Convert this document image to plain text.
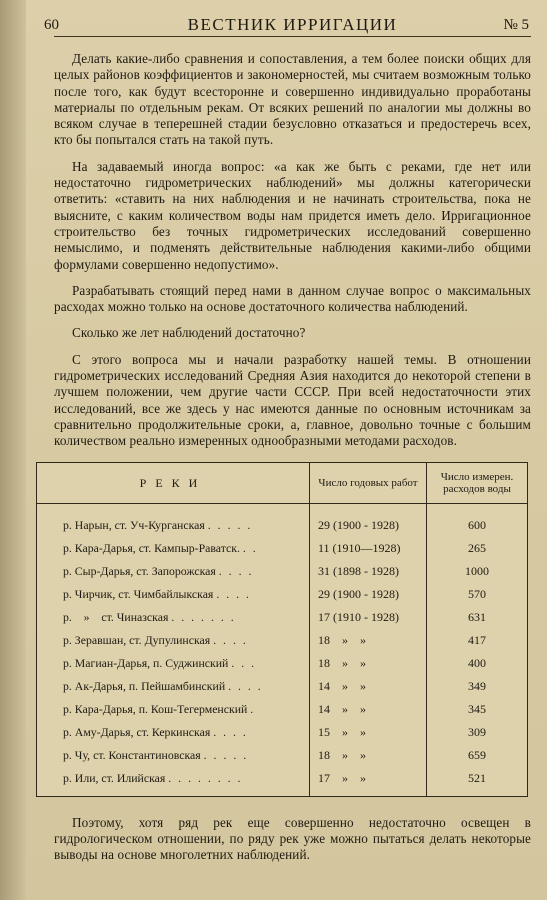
60	ВЕСТНИК ИРРИГАЦИИ	№ 5

Делать какие-либо сравнения и сопоставления, а тем более поиски общих для целых районов коэффициентов и закономерностей, мы считаем возможным только после того, как будут всесторонне и совершенно индивидуально проработаны материалы по отдельным рекам. От всяких решений по аналогии мы должны во всяком случае в теперешней стадии безусловно отказаться и предостеречь всех, кто бы попытался стать на такой путь.

На задаваемый иногда вопрос: «а как же быть с реками, где нет или недостаточно гидрометрических наблюдений» мы должны категорически ответить: «ставить на них наблюдения и не начинать строительства, пока не выясните, с каким количеством воды нам придется иметь дело. Ирригационное строительство без точных гидрометрических исследований совершенно немыслимо, и подменять действительные наблюдения какими-либо общими формулами совершенно недопустимо».

Разрабатывать стоящий перед нами в данном случае вопрос о максимальных расходах можно только на основе достаточного количества наблюдений.

Сколько же лет наблюдений достаточно?

С этого вопроса мы и начали разработку нашей темы. В отношении гидрометрических исследований Средняя Азия находится до некоторой степени в лучшем положении, чем другие части СССР. При всей недостаточности этих исследований, все же здесь у нас имеются данные по основным источникам за сравнительно продолжительные сроки, а, главное, довольно точные с большим количеством реально измеренных однообразными методами расходов.

РЕКИ	Число годовых работ	Число измерен. расходов воды
р. Нарын, ст. Уч-Курганская . . . . .	29 (1900 - 1928)	600
р. Кара-Дарья, ст. Кампыр-Раватск. . .	11 (1910—1928)	265
р. Сыр-Дарья, ст. Запорожская . . . .	31 (1898 - 1928)	1000
р. Чирчик, ст. Чимбайлыкская . . . .	29 (1900 - 1928)	570
р.    »    ст. Чиназская . . . . . . .	17 (1910 - 1928)	631
р. Зеравшан, ст. Дупулинская . . . .	18    »    »	417
р. Магиан-Дарья, п. Суджинский . . .	18    »    »	400
р. Ак-Дарья, п. Пейшамбинский . . . .	14    »    »	349
р. Кара-Дарья, п. Кош-Тегерменский .	14    »    »	345
р. Аму-Дарья, ст. Керкинская . . . .	15    »    »	309
р. Чу, ст. Константиновская . . . . .	18    »    »	659
р. Или, ст. Илийская . . . . . . . .	17    »    »	521

Поэтому, хотя ряд рек еще совершенно недостаточно освещен в гидрологическом отношении, по ряду рек уже можно пытаться делать некоторые выводы на основе многолетних наблюдений.
